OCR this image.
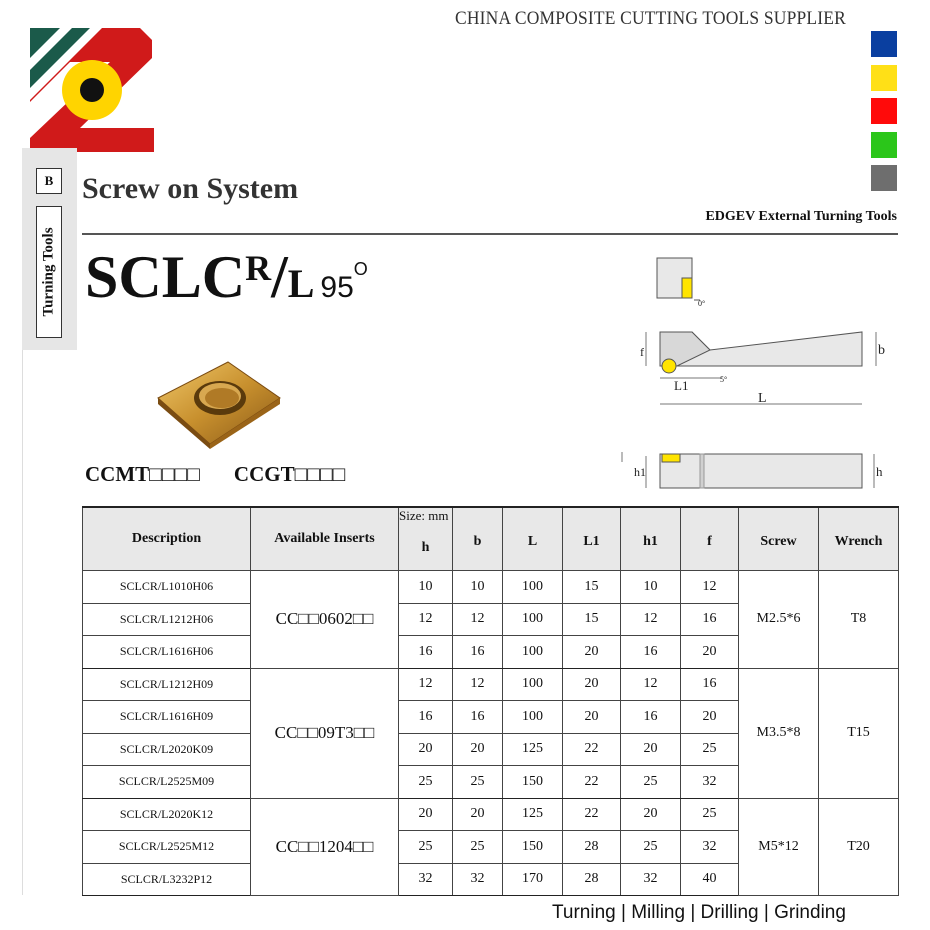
CHINA COMPOSITE CUTTING TOOLS SUPPLIER
B
Turning Tools
Screw on System
EDGEV External Turning Tools
$SCLC^R/L$ $95^O$
CCMT□□□□ CCGT□□□□
0°
f	b
L1	5°
L
h1	h
Description	Available Inserts	Size: mm
h	b	L	L1	h1	f	Screw	Wrench
SCLCR/L1010H06	CC□□0602□□	10	10	100	15	10	12	M2.5*6	T8
SCLCR/L1212H06		12	12	100	15	12	16		
SCLCR/L1616H06		16	16	100	20	16	20		
SCLCR/L1212H09	CC□□09T3□□	12	12	100	20	12	16	M3.5*8	T15
SCLCR/L1616H09		16	16	100	20	16	20		
SCLCR/L2020K09		20	20	125	22	20	25		
SCLCR/L2525M09		25	25	150	22	25	32		
SCLCR/L2020K12	CC□□1204□□	20	20	125	22	20	25	M5*12	T20
SCLCR/L2525M12		25	25	150	28	25	32		
SCLCR/L3232P12		32	32	170	28	32	40		
Turning | Milling | Drilling | Grinding
